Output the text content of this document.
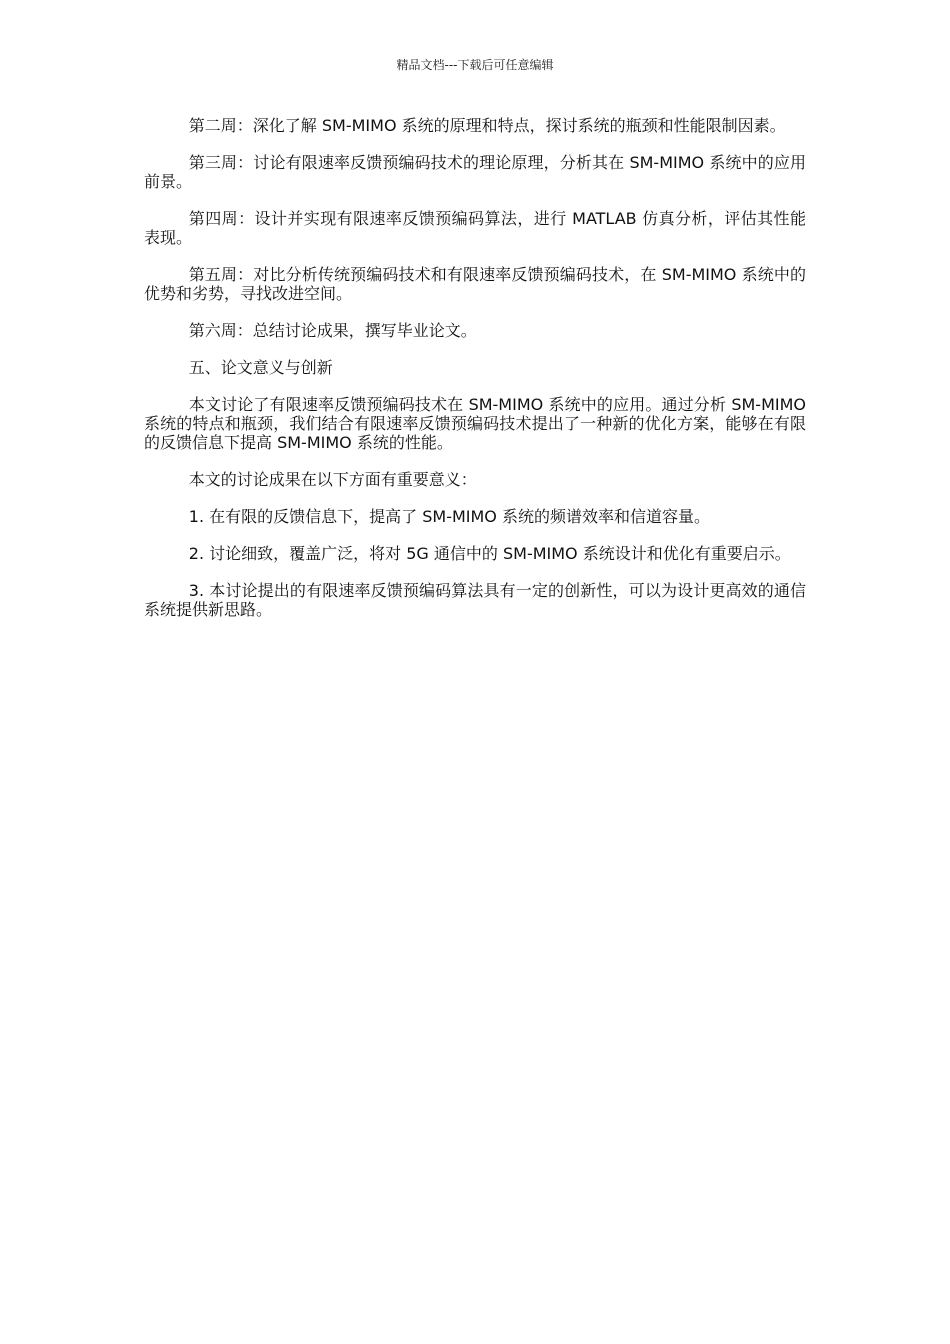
精品文档---下载后可任意编辑

第二周：深化了解 SM-MIMO 系统的原理和特点，探讨系统的瓶颈和性能限制因素。

第三周：讨论有限速率反馈预编码技术的理论原理，分析其在 SM-MIMO 系统中的应用前景。

第四周：设计并实现有限速率反馈预编码算法，进行 MATLAB 仿真分析，评估其性能表现。

第五周：对比分析传统预编码技术和有限速率反馈预编码技术，在 SM-MIMO 系统中的优势和劣势，寻找改进空间。

第六周：总结讨论成果，撰写毕业论文。

五、论文意义与创新

本文讨论了有限速率反馈预编码技术在 SM-MIMO 系统中的应用。通过分析 SM-MIMO 系统的特点和瓶颈，我们结合有限速率反馈预编码技术提出了一种新的优化方案，能够在有限的反馈信息下提高 SM-MIMO 系统的性能。

本文的讨论成果在以下方面有重要意义：

1. 在有限的反馈信息下，提高了 SM-MIMO 系统的频谱效率和信道容量。

2. 讨论细致，覆盖广泛，将对 5G 通信中的 SM-MIMO 系统设计和优化有重要启示。

3. 本讨论提出的有限速率反馈预编码算法具有一定的创新性，可以为设计更高效的通信系统提供新思路。
